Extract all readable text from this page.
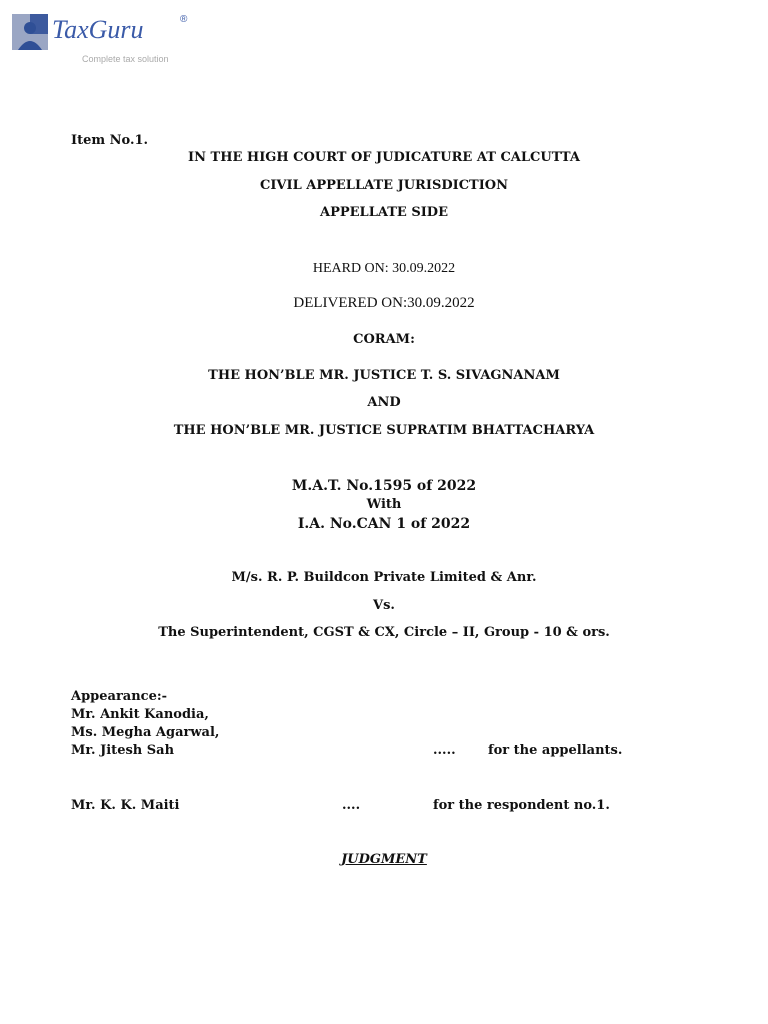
TaxGuru	®
Complete tax solution
Item No.1.
IN THE HIGH COURT OF JUDICATURE AT CALCUTTA
CIVIL APPELLATE JURISDICTION
APPELLATE SIDE
HEARD ON: 30.09.2022
DELIVERED ON:30.09.2022
CORAM:
THE HON’BLE MR. JUSTICE T. S. SIVAGNANAM
AND
THE HON’BLE MR. JUSTICE SUPRATIM BHATTACHARYA
M.A.T. No.1595 of 2022
With
I.A. No.CAN 1 of 2022
M/s. R. P. Buildcon Private Limited & Anr.
Vs.
The Superintendent, CGST & CX, Circle – II, Group - 10 & ors.
Appearance:-
Mr. Ankit Kanodia,
Ms. Megha Agarwal,
Mr. Jitesh Sah	..... for the appellants.
Mr. K. K. Maiti	....	for the respondent no.1.
JUDGMENT
